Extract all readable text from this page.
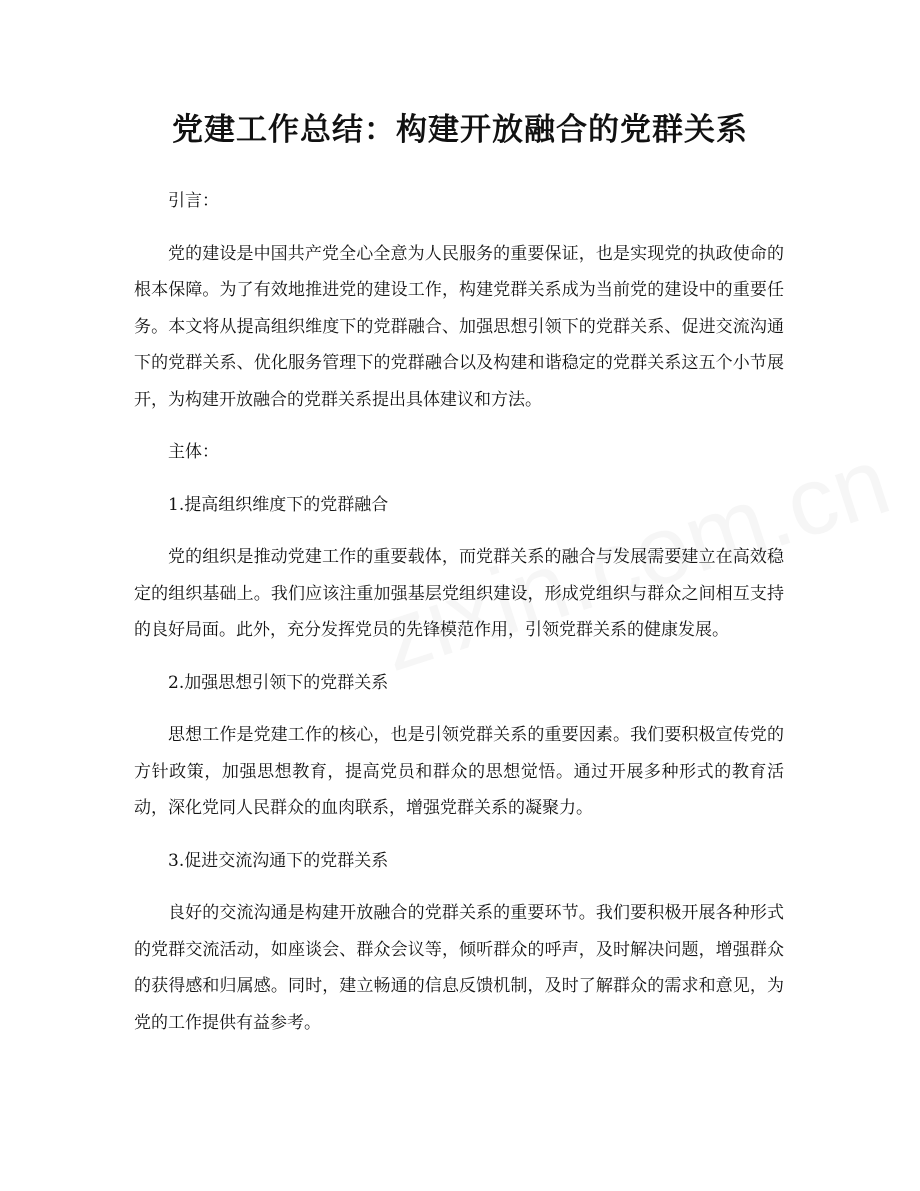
党建工作总结：构建开放融合的党群关系

引言：

党的建设是中国共产党全心全意为人民服务的重要保证，也是实现党的执政使命的根本保障。为了有效地推进党的建设工作，构建党群关系成为当前党的建设中的重要任务。本文将从提高组织维度下的党群融合、加强思想引领下的党群关系、促进交流沟通下的党群关系、优化服务管理下的党群融合以及构建和谐稳定的党群关系这五个小节展开，为构建开放融合的党群关系提出具体建议和方法。

主体：

1.提高组织维度下的党群融合

党的组织是推动党建工作的重要载体，而党群关系的融合与发展需要建立在高效稳定的组织基础上。我们应该注重加强基层党组织建设，形成党组织与群众之间相互支持的良好局面。此外，充分发挥党员的先锋模范作用，引领党群关系的健康发展。

2.加强思想引领下的党群关系

思想工作是党建工作的核心，也是引领党群关系的重要因素。我们要积极宣传党的方针政策，加强思想教育，提高党员和群众的思想觉悟。通过开展多种形式的教育活动，深化党同人民群众的血肉联系，增强党群关系的凝聚力。

3.促进交流沟通下的党群关系

良好的交流沟通是构建开放融合的党群关系的重要环节。我们要积极开展各种形式的党群交流活动，如座谈会、群众会议等，倾听群众的呼声，及时解决问题，增强群众的获得感和归属感。同时，建立畅通的信息反馈机制，及时了解群众的需求和意见，为党的工作提供有益参考。
